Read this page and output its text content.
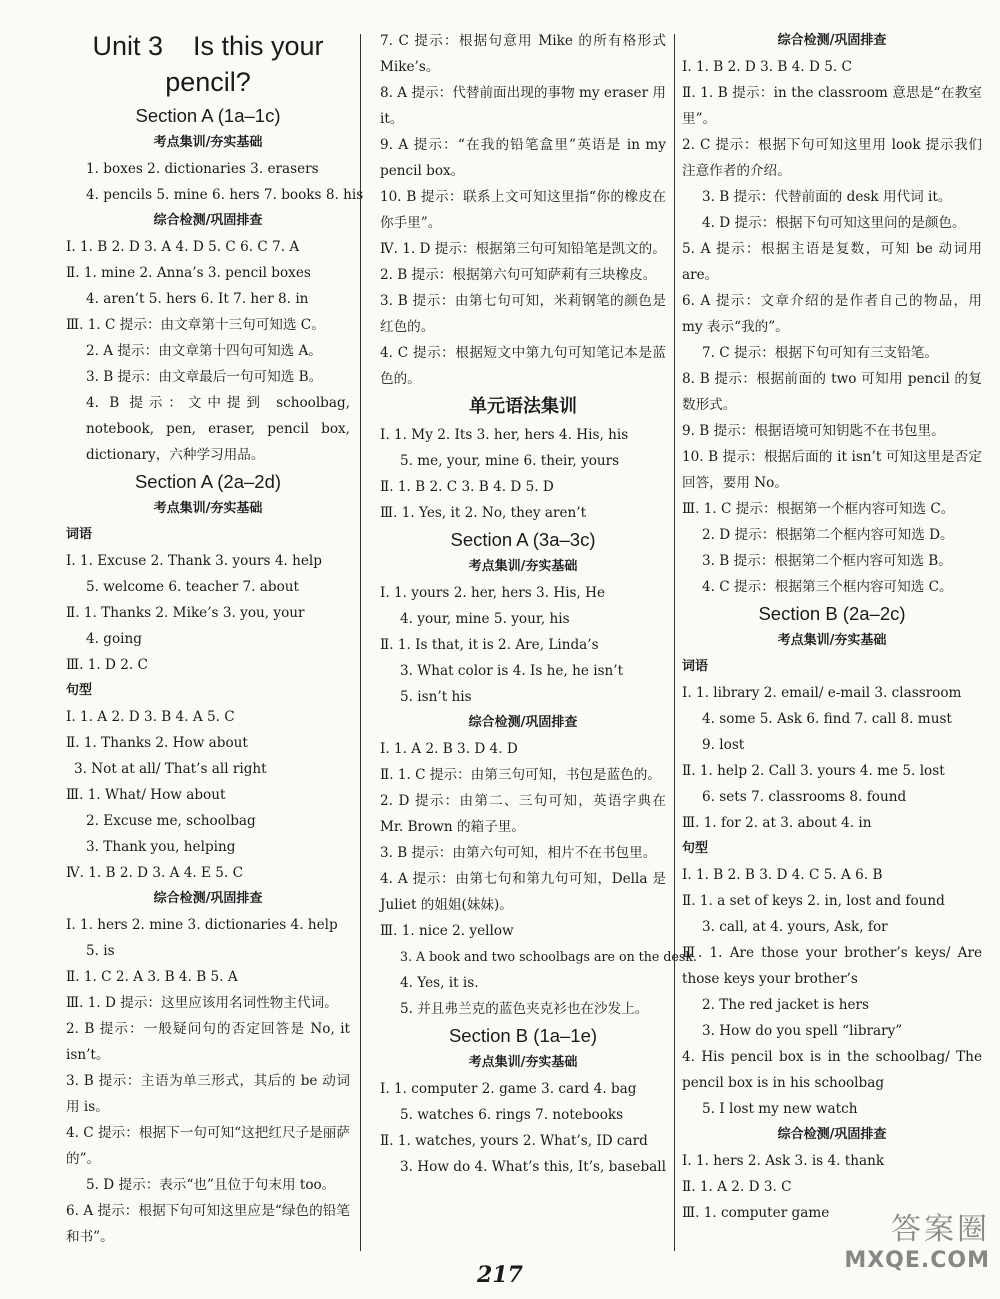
Unit 3    Is this your
pencil?
Section A (1a–1c)
考点集训/夯实基础
1. boxes 2. dictionaries 3. erasers
4. pencils 5. mine 6. hers 7. books 8. his
综合检测/巩固排查
Ⅰ. 1. B 2. D 3. A 4. D 5. C 6. C 7. A
Ⅱ. 1. mine 2. Anna’s 3. pencil boxes
4. aren’t 5. hers 6. It 7. her 8. in
Ⅲ. 1. C 提示：由文章第十三句可知选 C。
2. A 提示：由文章第十四句可知选 A。
3. B 提示：由文章最后一句可知选 B。
4. B 提示：文中提到 schoolbag, notebook, pen, eraser, pencil box, dictionary，六种学习用品。
Section A (2a–2d)
考点集训/夯实基础
词语
Ⅰ. 1. Excuse 2. Thank 3. yours 4. help
5. welcome 6. teacher 7. about
Ⅱ. 1. Thanks 2. Mike’s 3. you, your
4. going
Ⅲ. 1. D 2. C
句型
Ⅰ. 1. A 2. D 3. B 4. A 5. C
Ⅱ. 1. Thanks 2. How about
3. Not at all/ That’s all right
Ⅲ. 1. What/ How about
2. Excuse me, schoolbag
3. Thank you, helping
Ⅳ. 1. B 2. D 3. A 4. E 5. C
综合检测/巩固排查
Ⅰ. 1. hers 2. mine 3. dictionaries 4. help
5. is
Ⅱ. 1. C 2. A 3. B 4. B 5. A
Ⅲ. 1. D 提示：这里应该用名词性物主代词。
2. B 提示：一般疑问句的否定回答是 No, it isn’t。
3. B 提示：主语为单三形式，其后的 be 动词用 is。
4. C 提示：根据下一句可知“这把红尺子是丽萨的”。
5. D 提示：表示“也”且位于句末用 too。
6. A 提示：根据下句可知这里应是“绿色的铅笔和书”。
7. C 提示：根据句意用 Mike 的所有格形式 Mike’s。
8. A 提示：代替前面出现的事物 my eraser 用 it。
9. A 提示：“在我的铅笔盒里”英语是 in my pencil box。
10. B 提示：联系上文可知这里指“你的橡皮在你手里”。
Ⅳ. 1. D 提示：根据第三句可知铅笔是凯文的。
2. B 提示：根据第六句可知萨莉有三块橡皮。
3. B 提示：由第七句可知，米莉钢笔的颜色是红色的。
4. C 提示：根据短文中第九句可知笔记本是蓝色的。
单元语法集训
Ⅰ. 1. My 2. Its 3. her, hers 4. His, his
5. me, your, mine 6. their, yours
Ⅱ. 1. B 2. C 3. B 4. D 5. D
Ⅲ. 1. Yes, it 2. No, they aren’t
Section A (3a–3c)
考点集训/夯实基础
Ⅰ. 1. yours 2. her, hers 3. His, He
4. your, mine 5. your, his
Ⅱ. 1. Is that, it is 2. Are, Linda’s
3. What color is 4. Is he, he isn’t
5. isn’t his
综合检测/巩固排查
Ⅰ. 1. A 2. B 3. D 4. D
Ⅱ. 1. C 提示：由第三句可知，书包是蓝色的。
2. D 提示：由第二、三句可知，英语字典在 Mr. Brown 的箱子里。
3. B 提示：由第六句可知，相片不在书包里。
4. A 提示：由第七句和第九句可知，Della 是 Juliet 的姐姐(妹妹)。
Ⅲ. 1. nice 2. yellow
3. A book and two schoolbags are on the desk.
4. Yes, it is.
5. 并且弗兰克的蓝色夹克衫也在沙发上。
Section B (1a–1e)
考点集训/夯实基础
Ⅰ. 1. computer 2. game 3. card 4. bag
5. watches 6. rings 7. notebooks
Ⅱ. 1. watches, yours 2. What’s, ID card
3. How do 4. What’s this, It’s, baseball
综合检测/巩固排查
Ⅰ. 1. B 2. D 3. B 4. D 5. C
Ⅱ. 1. B 提示：in the classroom 意思是“在教室里”。
2. C 提示：根据下句可知这里用 look 提示我们注意作者的介绍。
3. B 提示：代替前面的 desk 用代词 it。
4. D 提示：根据下句可知这里问的是颜色。
5. A 提示：根据主语是复数，可知 be 动词用 are。
6. A 提示：文章介绍的是作者自己的物品，用 my 表示“我的”。
7. C 提示：根据下句可知有三支铅笔。
8. B 提示：根据前面的 two 可知用 pencil 的复数形式。
9. B 提示：根据语境可知钥匙不在书包里。
10. B 提示：根据后面的 it isn’t 可知这里是否定回答，要用 No。
Ⅲ. 1. C 提示：根据第一个框内容可知选 C。
2. D 提示：根据第二个框内容可知选 D。
3. B 提示：根据第二个框内容可知选 B。
4. C 提示：根据第三个框内容可知选 C。
Section B (2a–2c)
考点集训/夯实基础
词语
Ⅰ. 1. library 2. email/ e-mail 3. classroom
4. some 5. Ask 6. find 7. call 8. must
9. lost
Ⅱ. 1. help 2. Call 3. yours 4. me 5. lost
6. sets 7. classrooms 8. found
Ⅲ. 1. for 2. at 3. about 4. in
句型
Ⅰ. 1. B 2. B 3. D 4. C 5. A 6. B
Ⅱ. 1. a set of keys 2. in, lost and found
3. call, at 4. yours, Ask, for
Ⅲ. 1. Are those your brother’s keys/ Are those keys your brother’s
2. The red jacket is hers
3. How do you spell “library”
4. His pencil box is in the schoolbag/ The pencil box is in his schoolbag
5. I lost my new watch
综合检测/巩固排查
Ⅰ. 1. hers 2. Ask 3. is 4. thank
Ⅱ. 1. A 2. D 3. C
Ⅲ. 1. computer game
217
答案圈
MXQE.COM
